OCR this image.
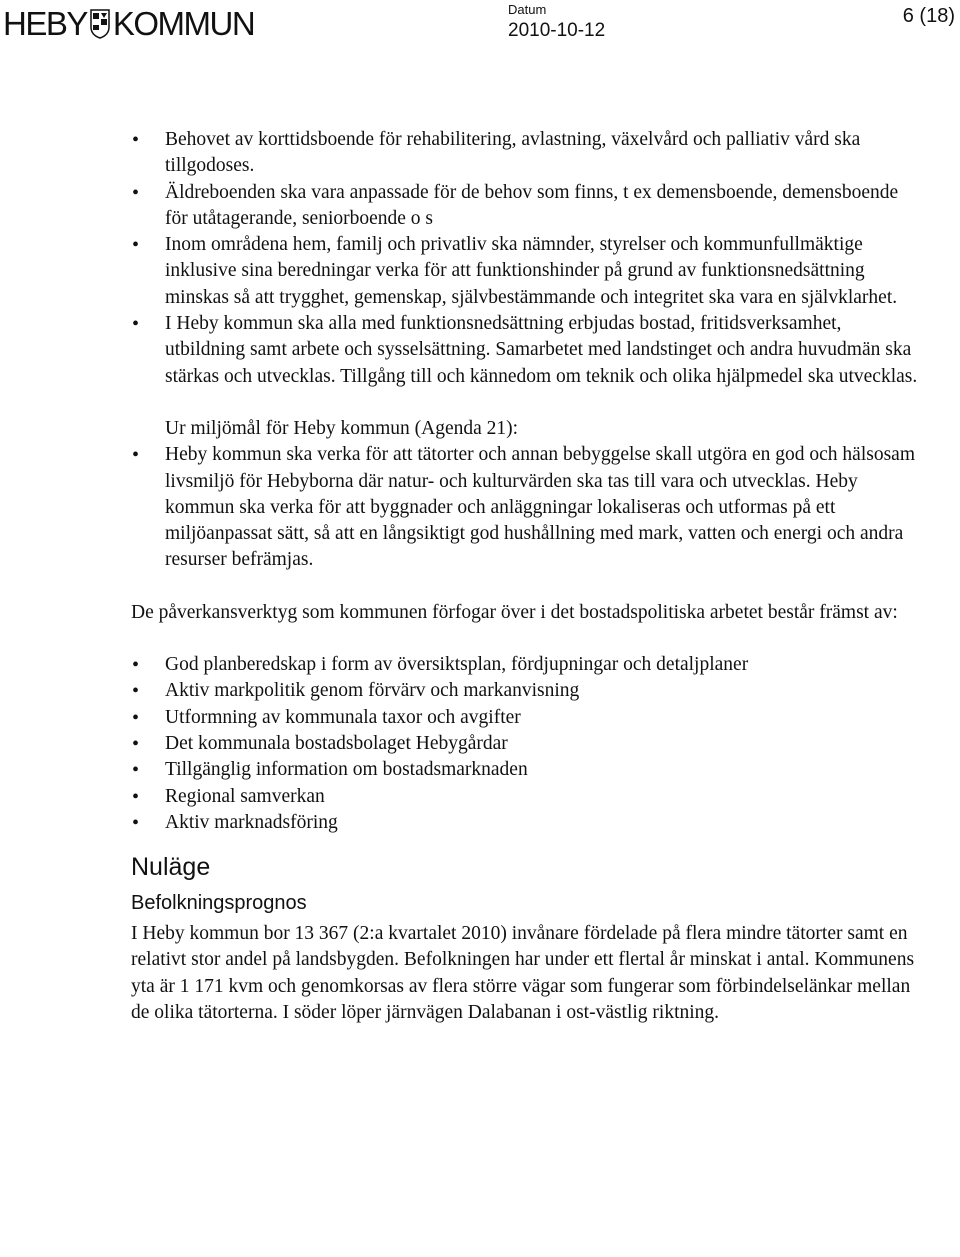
HEBY KOMMUN	Datum
2010-10-12
6 (18)
• Behovet av korttidsboende för rehabilitering, avlastning, växelvård och palliativ vård ska tillgodoses.
• Äldreboenden ska vara anpassade för de behov som finns, t ex demensboende, demensboende för utåtagerande, seniorboende o s
• Inom områdena hem, familj och privatliv ska nämnder, styrelser och kommunfullmäktige inklusive sina beredningar verka för att funktionshinder på grund av funktionsnedsättning minskas så att trygghet, gemenskap, självbestämmande och integritet ska vara en självklarhet.
• I Heby kommun ska alla med funktionsnedsättning erbjudas bostad, fritidsverksamhet, utbildning samt arbete och sysselsättning. Samarbetet med landstinget och andra huvudmän ska stärkas och utvecklas. Tillgång till och kännedom om teknik och olika hjälpmedel ska utvecklas.

Ur miljömål för Heby kommun (Agenda 21):

• Heby kommun ska verka för att tätorter och annan bebyggelse skall utgöra en god och hälsosam livsmiljö för Hebyborna där natur- och kulturvärden ska tas till vara och utvecklas. Heby kommun ska verka för att byggnader och anläggningar lokaliseras och utformas på ett miljöanpassat sätt, så att en långsiktigt god hushållning med mark, vatten och energi och andra resurser befrämjas.

De påverkansverktyg som kommunen förfogar över i det bostadspolitiska arbetet består främst av:

• God planberedskap i form av översiktsplan, fördjupningar och detaljplaner
• Aktiv markpolitik genom förvärv och markanvisning
• Utformning av kommunala taxor och avgifter
• Det kommunala bostadsbolaget Hebygårdar
• Tillgänglig information om bostadsmarknaden
• Regional samverkan
• Aktiv marknadsföring
Nuläge
Befolkningsprognos

I Heby kommun bor 13 367 (2:a kvartalet 2010) invånare fördelade på flera mindre tätorter samt en relativt stor andel på landsbygden. Befolkningen har under ett flertal år minskat i antal. Kommunens yta är 1 171 kvm och genomkorsas av flera större vägar som fungerar som förbindelselänkar mellan de olika tätorterna. I söder löper järnvägen Dalabanan i ost-västlig riktning.
